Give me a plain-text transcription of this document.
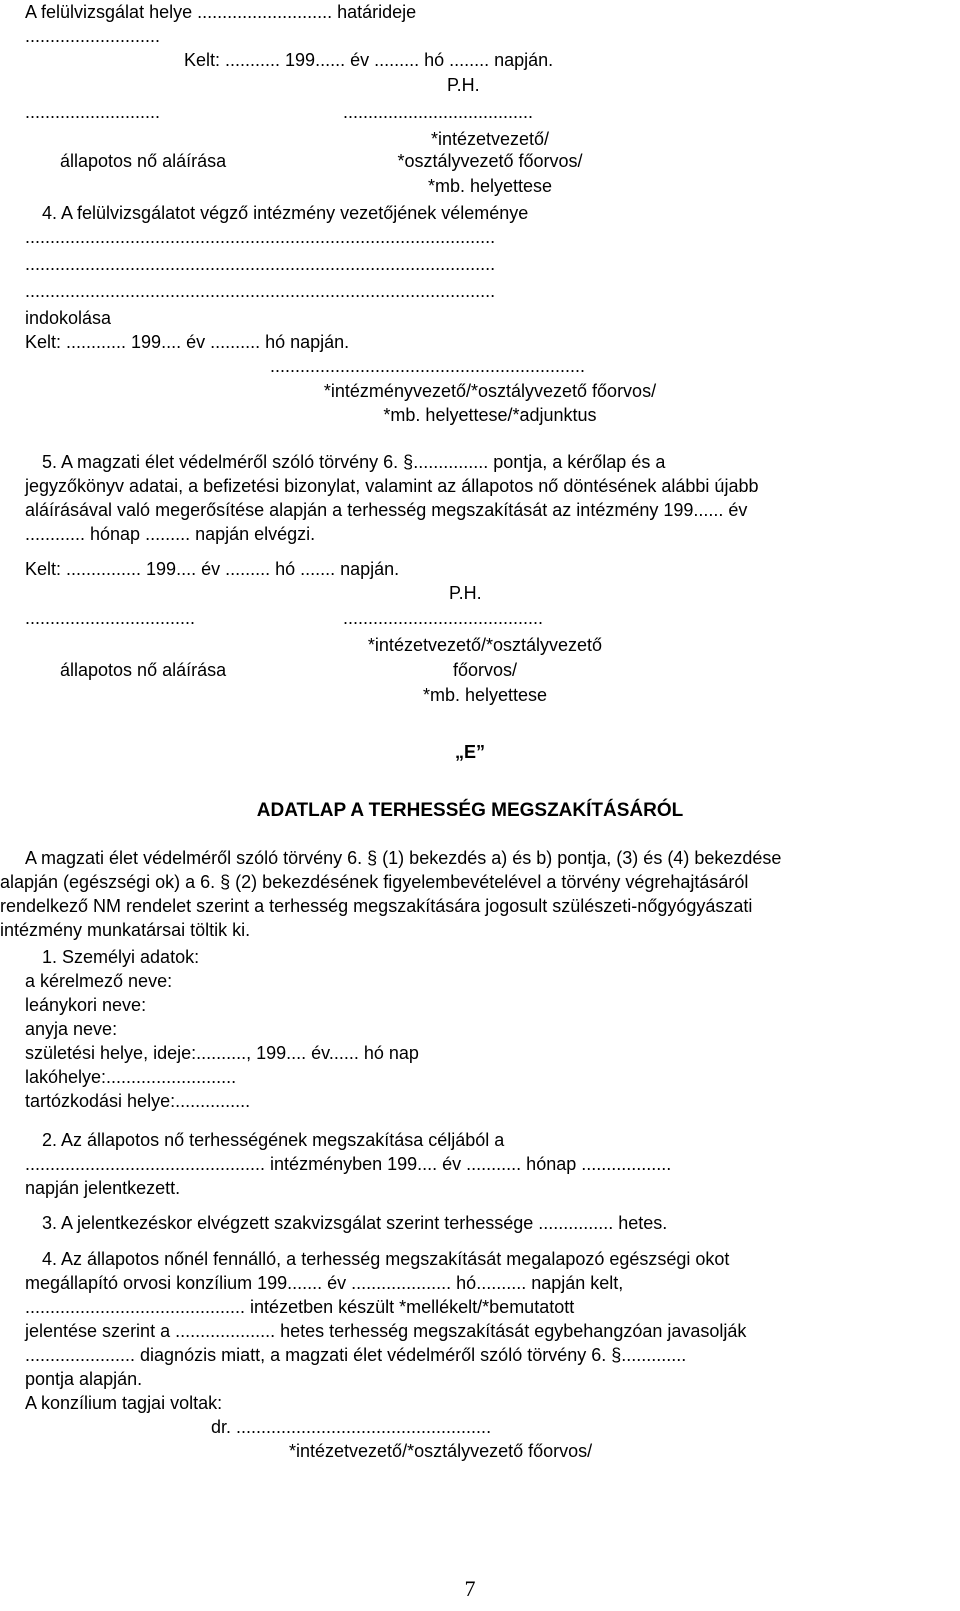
A felülvizsgálat helye ........................... határideje
...........................
Kelt: ........... 199...... év ......... hó ........ napján.
P.H.
...........................	......................................
*intézetvezető/
állapotos nő aláírása	*osztályvezető főorvos/
*mb. helyettese
4. A felülvizsgálatot végző intézmény vezetőjének véleménye
..............................................................................................
..............................................................................................
..............................................................................................
indokolása
Kelt: ............ 199.... év .......... hó napján.
...............................................................
*intézményvezető/*osztályvezető főorvos/
*mb. helyettese/*adjunktus
5. A magzati élet védelméről szóló törvény 6. §............... pontja, a kérőlap és a
jegyzőkönyv adatai, a befizetési bizonylat, valamint az állapotos nő döntésének alábbi újabb
aláírásával való megerősítése alapján a terhesség megszakítását az intézmény 199...... év
............ hónap ......... napján elvégzi.
Kelt: ............... 199.... év ......... hó ....... napján.
P.H.
..................................	........................................
*intézetvezető/*osztályvezető
állapotos nő aláírása	főorvos/
*mb. helyettese
„E”
ADATLAP A TERHESSÉG MEGSZAKÍTÁSÁRÓL
A magzati élet védelméről szóló törvény 6. § (1) bekezdés a) és b) pontja, (3) és (4) bekezdése
alapján (egészségi ok) a 6. § (2) bekezdésének figyelembevételével a törvény végrehajtásáról
rendelkező NM rendelet szerint a terhesség megszakítására jogosult szülészeti-nőgyógyászati
intézmény munkatársai töltik ki.
1. Személyi adatok:
a kérelmező neve:
leánykori neve:
anyja neve:
születési helye, ideje:.........., 199.... év...... hó nap
lakóhelye:..........................
tartózkodási helye:...............
2. Az állapotos nő terhességének megszakítása céljából a
................................................ intézményben 199.... év ........... hónap ..................
napján jelentkezett.
3. A jelentkezéskor elvégzett szakvizsgálat szerint terhessége ............... hetes.
4. Az állapotos nőnél fennálló, a terhesség megszakítását megalapozó egészségi okot
megállapító orvosi konzílium 199....... év .................... hó.......... napján kelt,
............................................ intézetben készült *mellékelt/*bemutatott
jelentése szerint a .................... hetes terhesség megszakítását egybehangzóan javasolják
...................... diagnózis miatt, a magzati élet védelméről szóló törvény 6. §.............
pontja alapján.
A konzílium tagjai voltak:
dr. ...................................................
*intézetvezető/*osztályvezető főorvos/
7
